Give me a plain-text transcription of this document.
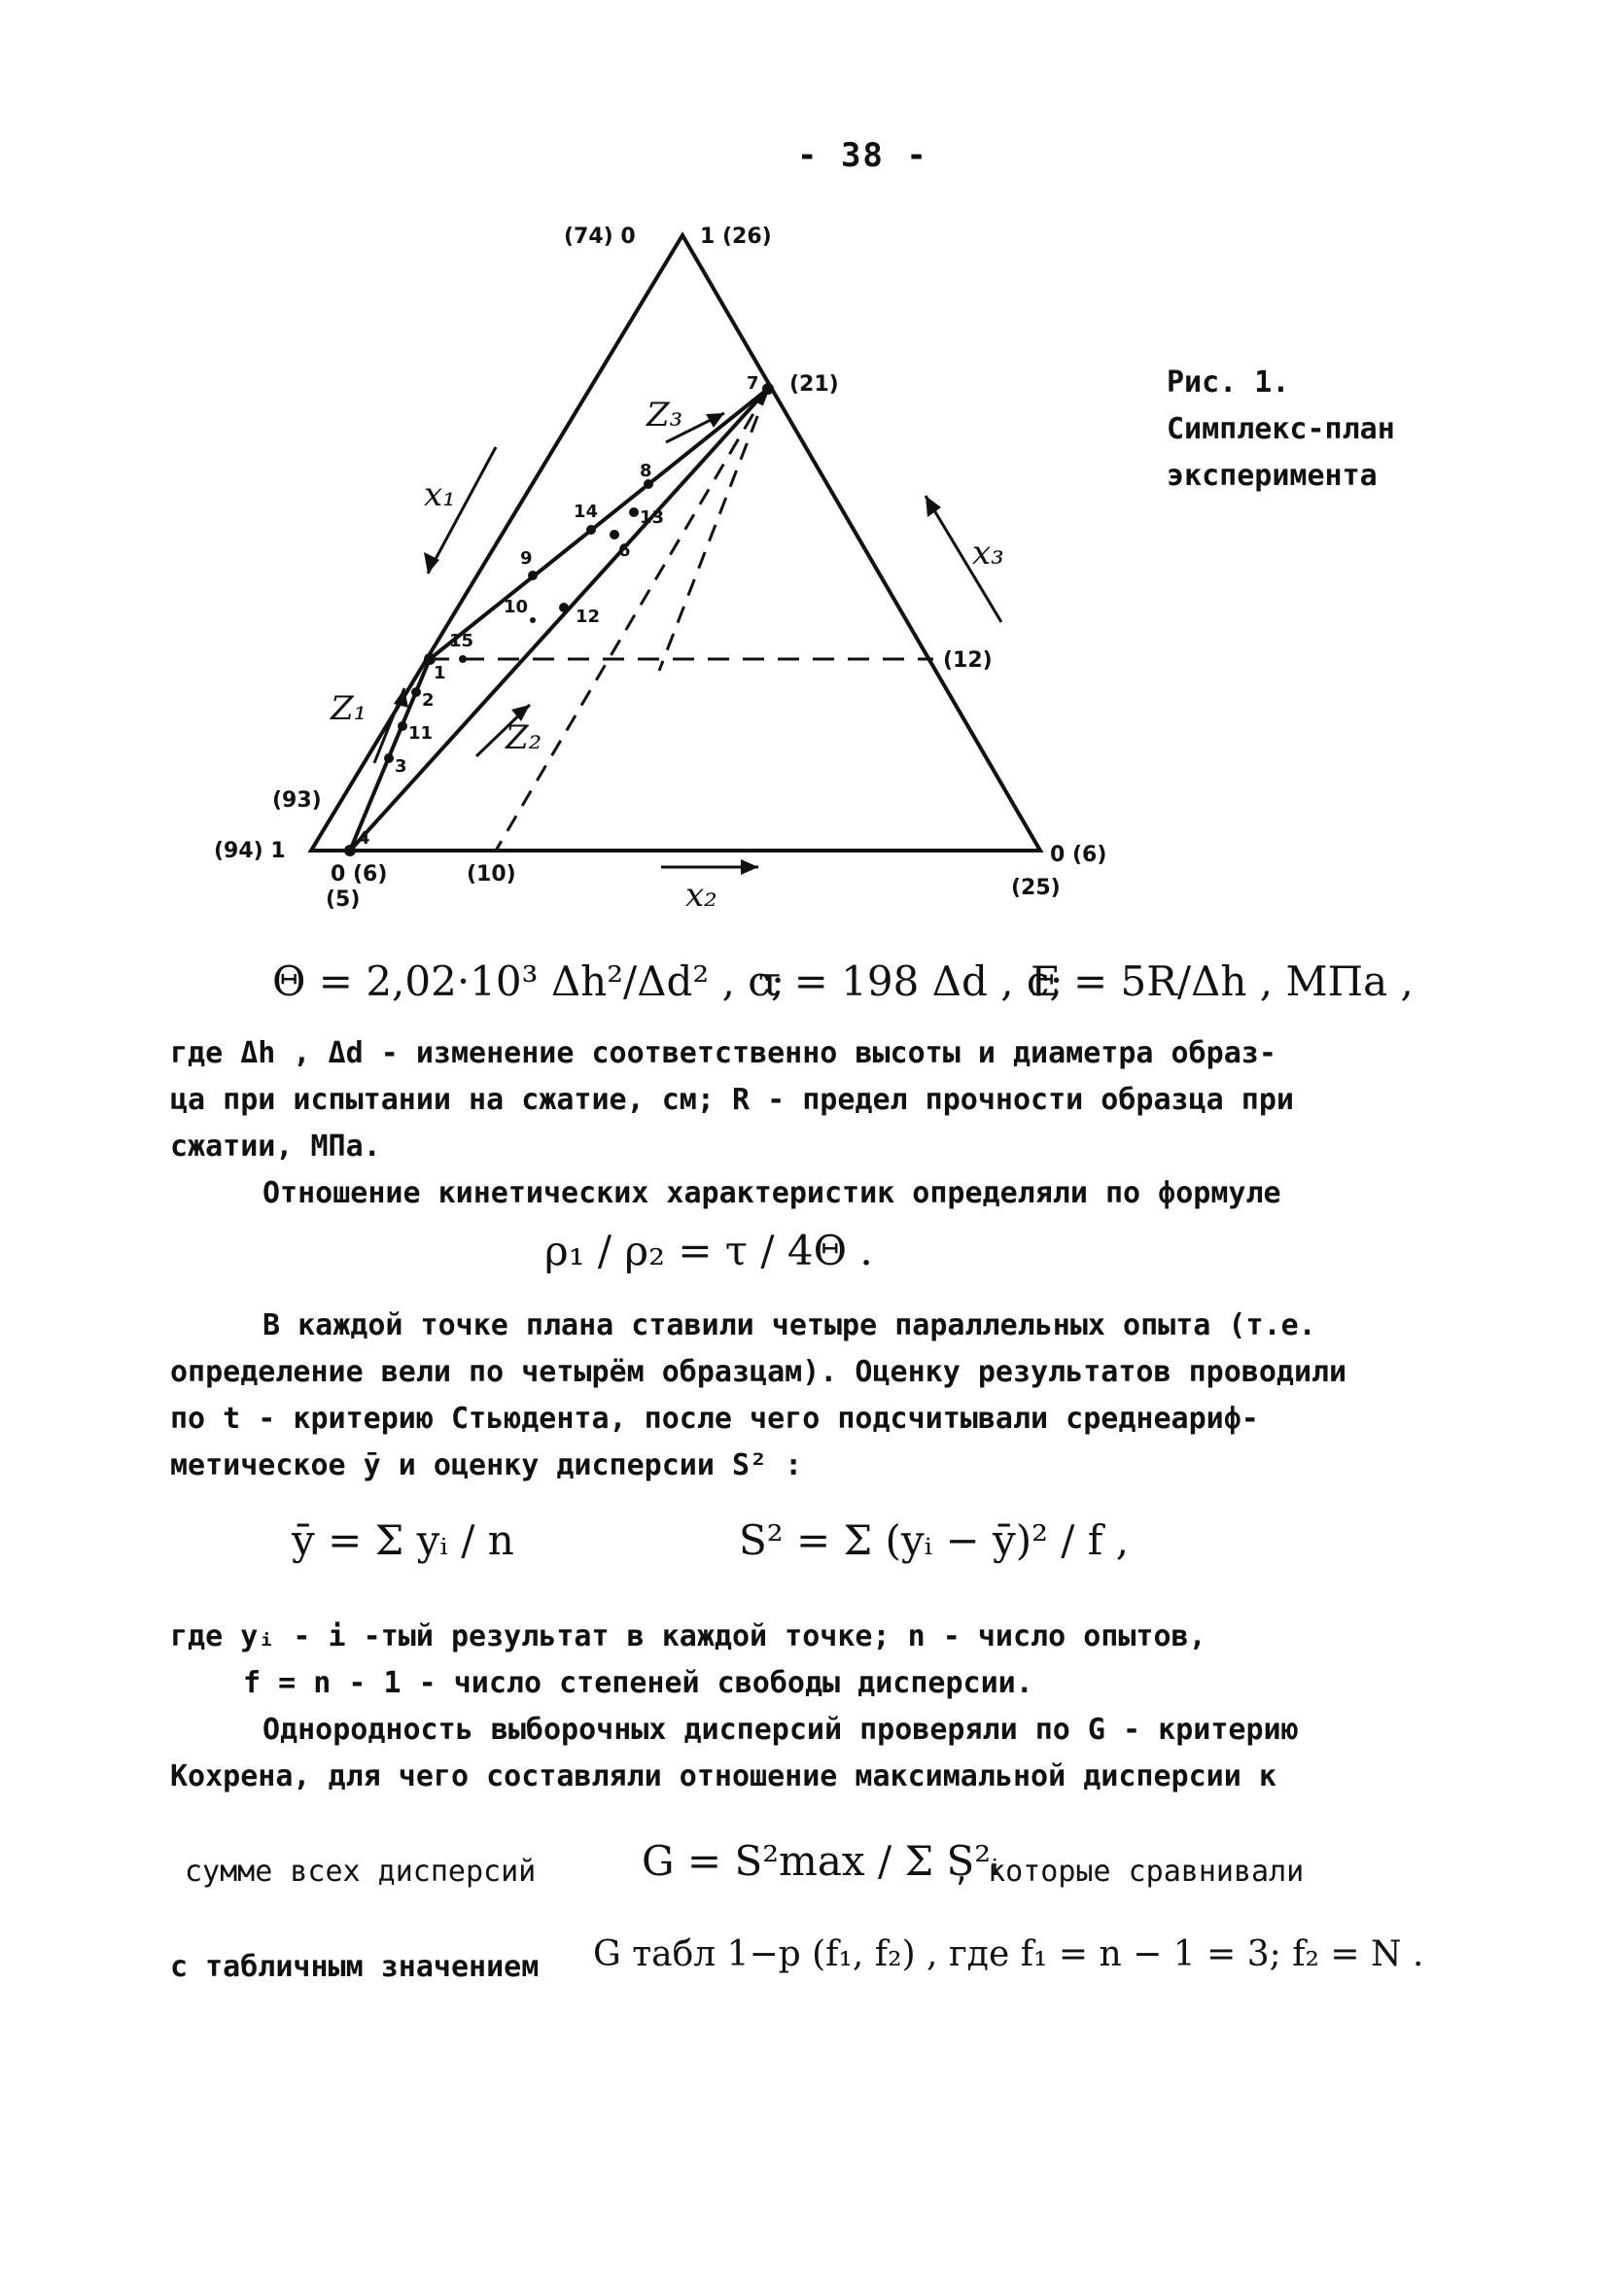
- 38 -
7
8
14
9
10
15
1
13
6
12
2
11
3
4
(74) 0	1 (26)
(21)
(12)
(93)
(94) 1
0 (6)
(5)
(10)
0 (6)
(25)
x₁
x₂
x₃
Z₃
Z₁
Z₂
Рис. 1. Симплекс-план эксперимента
Θ = 2,02·10³ Δh²/Δd² , с;
τ = 198 Δd , с;
E = 5R/Δh , МПа ,
где Δh , Δd - изменение соответственно высоты и диаметра образ-
ца при испытании на сжатие, см; R - предел прочности образца при
сжатии, МПа.
Отношение кинетических характеристик определяли по формуле
ρ₁ / ρ₂ = τ / 4Θ .
В каждой точке плана ставили четыре параллельных опыта (т.е.
определение вели по четырём образцам). Оценку результатов проводили
по t - критерию Стьюдента, после чего подсчитывали среднеариф-
метическое ȳ и оценку дисперсии S² :
ȳ = Σ yᵢ / n	S² = Σ (yᵢ − ȳ)² / f ,
где yᵢ - i -тый результат в каждой точке; n - число опытов,
f = n - 1 - число степеней свободы дисперсии.
Однородность выборочных дисперсий проверяли по G - критерию
Кохрена, для чего составляли отношение максимальной дисперсии к
сумме всех дисперсий	G = S²max / Σ S²ᵢ
, которые сравнивали
с табличным значением G табл 1−p (f₁, f₂) , где f₁ = n − 1 = 3; f₂ = N .
